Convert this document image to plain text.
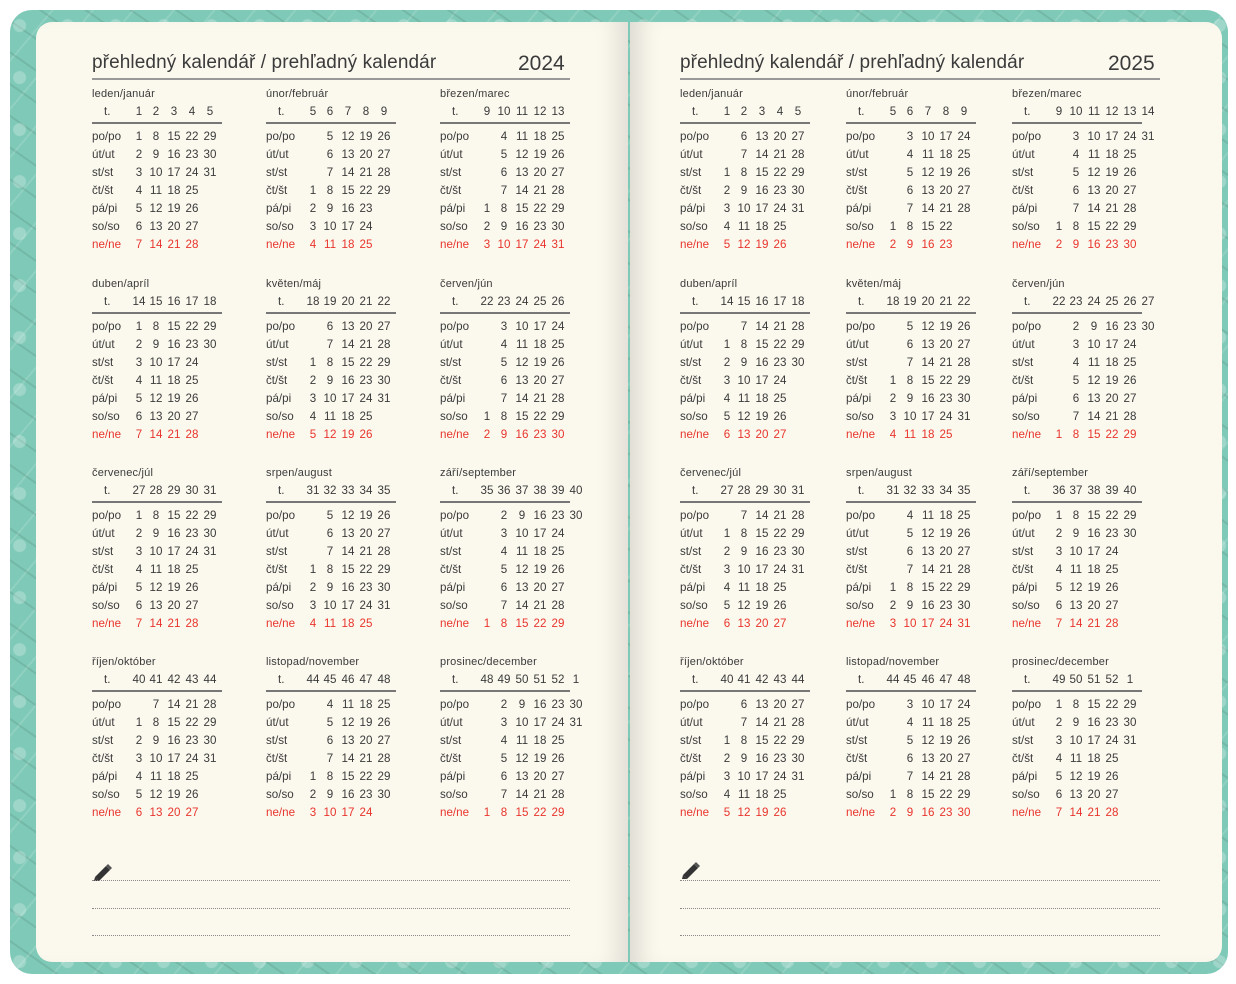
přehledný kalendář / prehľadný kalendár	2024
leden/január
t. 1 2 3 4 5
po/po 1 8 15 22 29
út/ut 2 9 16 23 30
st/st 3 10 17 24 31
čt/št 4 11 18 25
pá/pi 5 12 19 26
so/so 6 13 20 27
ne/ne 7 14 21 28
únor/február
t. 5 6 7 8 9
po/po	5 12 19 26
út/ut	6 13 20 27
st/st	7 14 21 28
čt/št 1 8 15 22 29
pá/pi 2 9 16 23
so/so 3 10 17 24
ne/ne 4 11 18 25
březen/marec
t. 9 10 11 12 13
po/po	4 11 18 25
út/ut	5 12 19 26
st/st	6 13 20 27
čt/št	7 14 21 28
pá/pi 1 8 15 22 29
so/so 2 9 16 23 30
ne/ne 3 10 17 24 31
duben/apríl
t. 14 15 16 17 18
po/po 1 8 15 22 29
út/ut 2 9 16 23 30
st/st 3 10 17 24
čt/št 4 11 18 25
pá/pi 5 12 19 26
so/so 6 13 20 27
ne/ne 7 14 21 28
květen/máj
t. 18 19 20 21 22
po/po	6 13 20 27
út/ut	7 14 21 28
st/st 1 8 15 22 29
čt/št 2 9 16 23 30
pá/pi 3 10 17 24 31
so/so 4 11 18 25
ne/ne 5 12 19 26
červen/jún
t. 22 23 24 25 26
po/po	3 10 17 24
út/ut	4 11 18 25
st/st	5 12 19 26
čt/št	6 13 20 27
pá/pi	7 14 21 28
so/so 1 8 15 22 29
ne/ne 2 9 16 23 30
červenec/júl
t. 27 28 29 30 31
po/po 1 8 15 22 29
út/ut 2 9 16 23 30
st/st 3 10 17 24 31
čt/št 4 11 18 25
pá/pi 5 12 19 26
so/so 6 13 20 27
ne/ne 7 14 21 28
srpen/august
t. 31 32 33 34 35
po/po	5 12 19 26
út/ut	6 13 20 27
st/st	7 14 21 28
čt/št 1 8 15 22 29
pá/pi 2 9 16 23 30
so/so 3 10 17 24 31
ne/ne 4 11 18 25
září/september
t. 35 36 37 38 39 40
po/po	2 9 16 23 30
út/ut	3 10 17 24
st/st	4 11 18 25
čt/št	5 12 19 26
pá/pi	6 13 20 27
so/so	7 14 21 28
ne/ne 1 8 15 22 29
říjen/október
t. 40 41 42 43 44
po/po	7 14 21 28
út/ut 1 8 15 22 29
st/st 2 9 16 23 30
čt/št 3 10 17 24 31
pá/pi 4 11 18 25
so/so 5 12 19 26
ne/ne 6 13 20 27
listopad/november
t. 44 45 46 47 48
po/po	4 11 18 25
út/ut	5 12 19 26
st/st	6 13 20 27
čt/št	7 14 21 28
pá/pi 1 8 15 22 29
so/so 2 9 16 23 30
ne/ne 3 10 17 24
prosinec/december
t. 48 49 50 51 52 1
po/po	2 9 16 23 30
út/ut	3 10 17 24 31
st/st	4 11 18 25
čt/št	5 12 19 26
pá/pi	6 13 20 27
so/so	7 14 21 28
ne/ne 1 8 15 22 29
přehledný kalendář / prehľadný kalendár	2025
leden/január
t. 1 2 3 4 5
po/po	6 13 20 27
út/ut	7 14 21 28
st/st 1 8 15 22 29
čt/št 2 9 16 23 30
pá/pi 3 10 17 24 31
so/so 4 11 18 25
ne/ne 5 12 19 26
únor/február
t. 5 6 7 8 9
po/po	3 10 17 24
út/ut	4 11 18 25
st/st	5 12 19 26
čt/št	6 13 20 27
pá/pi	7 14 21 28
so/so 1 8 15 22
ne/ne 2 9 16 23
březen/marec
t. 9 10 11 12 13 14
po/po	3 10 17 24 31
út/ut	4 11 18 25
st/st	5 12 19 26
čt/št	6 13 20 27
pá/pi	7 14 21 28
so/so 1 8 15 22 29
ne/ne 2 9 16 23 30
duben/apríl
t. 14 15 16 17 18
po/po	7 14 21 28
út/ut 1 8 15 22 29
st/st 2 9 16 23 30
čt/št 3 10 17 24
pá/pi 4 11 18 25
so/so 5 12 19 26
ne/ne 6 13 20 27
květen/máj
t. 18 19 20 21 22
po/po	5 12 19 26
út/ut	6 13 20 27
st/st	7 14 21 28
čt/št 1 8 15 22 29
pá/pi 2 9 16 23 30
so/so 3 10 17 24 31
ne/ne 4 11 18 25
červen/jún
t. 22 23 24 25 26 27
po/po	2 9 16 23 30
út/ut	3 10 17 24
st/st	4 11 18 25
čt/št	5 12 19 26
pá/pi	6 13 20 27
so/so	7 14 21 28
ne/ne 1 8 15 22 29
červenec/júl
t. 27 28 29 30 31
po/po	7 14 21 28
út/ut 1 8 15 22 29
st/st 2 9 16 23 30
čt/št 3 10 17 24 31
pá/pi 4 11 18 25
so/so 5 12 19 26
ne/ne 6 13 20 27
srpen/august
t. 31 32 33 34 35
po/po	4 11 18 25
út/ut	5 12 19 26
st/st	6 13 20 27
čt/št	7 14 21 28
pá/pi 1 8 15 22 29
so/so 2 9 16 23 30
ne/ne 3 10 17 24 31
září/september
t. 36 37 38 39 40
po/po 1 8 15 22 29
út/ut 2 9 16 23 30
st/st 3 10 17 24
čt/št 4 11 18 25
pá/pi 5 12 19 26
so/so 6 13 20 27
ne/ne 7 14 21 28
říjen/október
t. 40 41 42 43 44
po/po	6 13 20 27
út/ut	7 14 21 28
st/st 1 8 15 22 29
čt/št 2 9 16 23 30
pá/pi 3 10 17 24 31
so/so 4 11 18 25
ne/ne 5 12 19 26
listopad/november
t. 44 45 46 47 48
po/po	3 10 17 24
út/ut	4 11 18 25
st/st	5 12 19 26
čt/št	6 13 20 27
pá/pi	7 14 21 28
so/so 1 8 15 22 29
ne/ne 2 9 16 23 30
prosinec/december
t. 49 50 51 52 1
po/po 1 8 15 22 29
út/ut 2 9 16 23 30
st/st 3 10 17 24 31
čt/št 4 11 18 25
pá/pi 5 12 19 26
so/so 6 13 20 27
ne/ne 7 14 21 28
